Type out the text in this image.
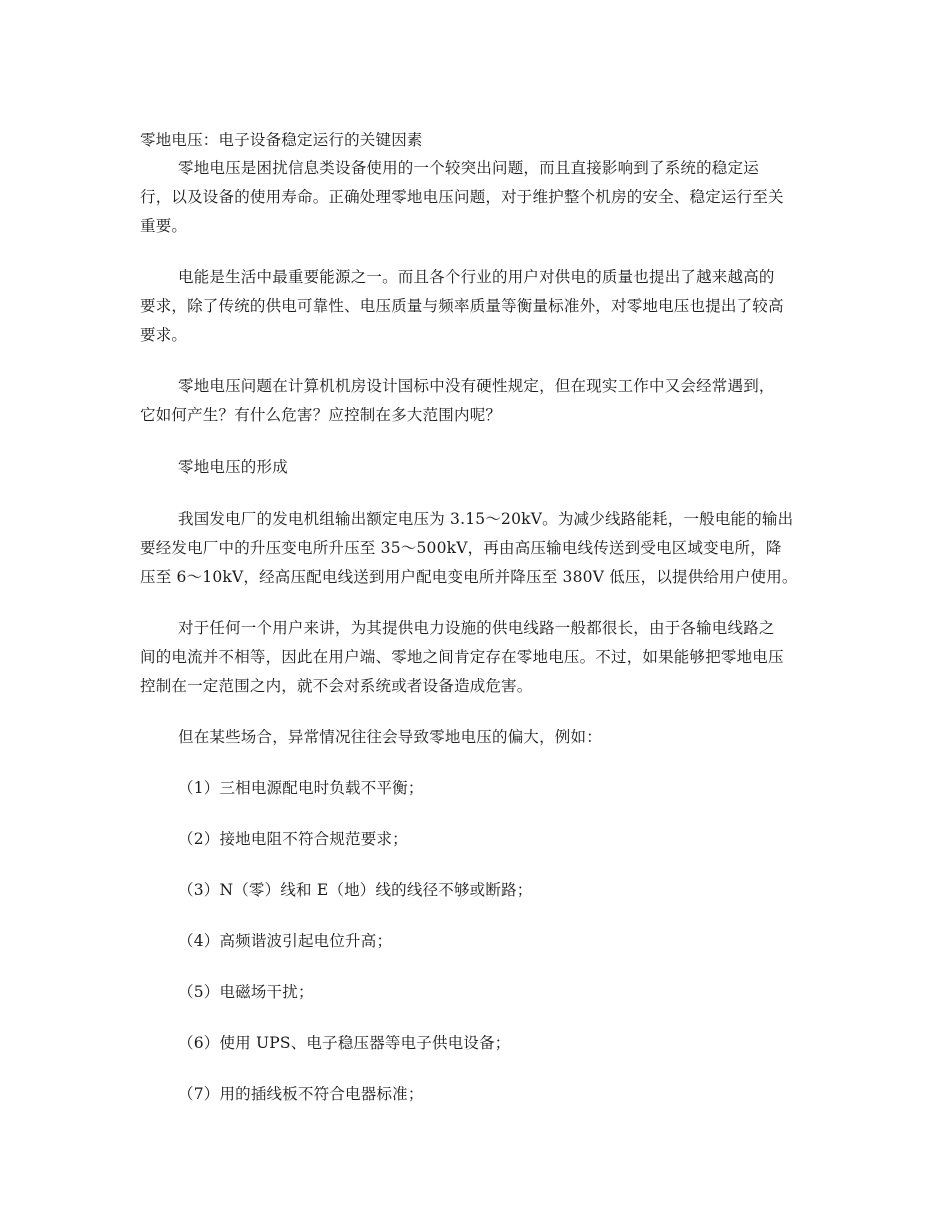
零地电压：电子设备稳定运行的关键因素
零地电压是困扰信息类设备使用的一个较突出问题，而且直接影响到了系统的稳定运
行，以及设备的使用寿命。正确处理零地电压问题，对于维护整个机房的安全、稳定运行至关
重要。
电能是生活中最重要能源之一。而且各个行业的用户对供电的质量也提出了越来越高的
要求，除了传统的供电可靠性、电压质量与频率质量等衡量标准外，对零地电压也提出了较高
要求。
零地电压问题在计算机机房设计国标中没有硬性规定，但在现实工作中又会经常遇到，
它如何产生？有什么危害？应控制在多大范围内呢？
零地电压的形成
我国发电厂的发电机组输出额定电压为 3.15～20kV。为减少线路能耗，一般电能的输出
要经发电厂中的升压变电所升压至 35～500kV，再由高压输电线传送到受电区域变电所，降
压至 6～10kV，经高压配电线送到用户配电变电所并降压至 380V 低压，以提供给用户使用。
对于任何一个用户来讲，为其提供电力设施的供电线路一般都很长，由于各输电线路之
间的电流并不相等，因此在用户端、零地之间肯定存在零地电压。不过，如果能够把零地电压
控制在一定范围之内，就不会对系统或者设备造成危害。
但在某些场合，异常情况往往会导致零地电压的偏大，例如：
（1）三相电源配电时负载不平衡；
（2）接地电阻不符合规范要求；
（3）N（零）线和 E（地）线的线径不够或断路；
（4）高频谐波引起电位升高；
（5）电磁场干扰；
（6）使用 UPS、电子稳压器等电子供电设备；
（7）用的插线板不符合电器标准；
